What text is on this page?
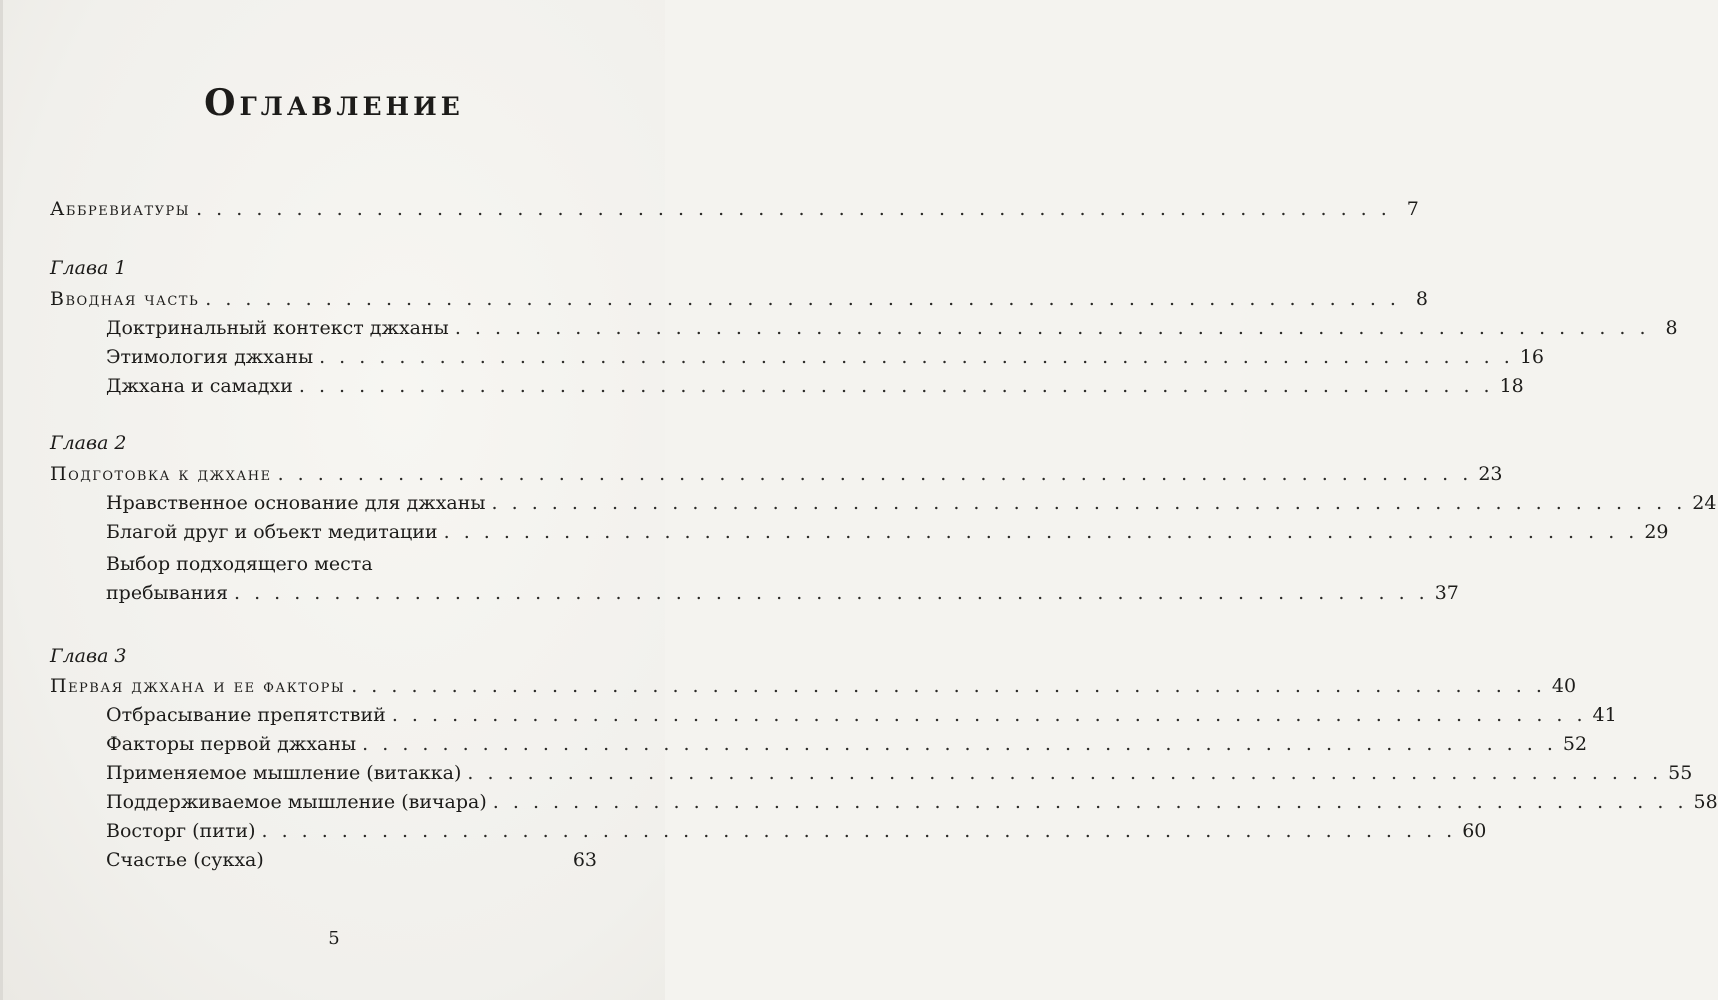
Оглавление
Аббревиатуры . . . . . . . . . . . . . . . . . . . . . . . . . . . . . . . . . . . . . . . . . . . . . . . . . . . . . . . . . . . . 7
Глава 1
Вводная часть . . . . . . . . . . . . . . . . . . . . . . . . . . . . . . . . . . . . . . . . . . . . . . . . . . . . . . . . . . . . 8
Доктринальный контекст джханы . . . . . . . . . . . . . . . . . . . . . . . . . . . . . . . . . . . . . . . . . . . . . . . . . . . . . . . . . . . . 8
Этимология джханы . . . . . . . . . . . . . . . . . . . . . . . . . . . . . . . . . . . . . . . . . . . . . . . . . . . . . . . . . . . . 16
Джхана и самадхи . . . . . . . . . . . . . . . . . . . . . . . . . . . . . . . . . . . . . . . . . . . . . . . . . . . . . . . . . . . . 18
Глава 2
Подготовка к джхане . . . . . . . . . . . . . . . . . . . . . . . . . . . . . . . . . . . . . . . . . . . . . . . . . . . . . . . . . . . . 23
Нравственное основание для джханы . . . . . . . . . . . . . . . . . . . . . . . . . . . . . . . . . . . . . . . . . . . . . . . . . . . . . . . . . . . . 24
Благой друг и объект медитации . . . . . . . . . . . . . . . . . . . . . . . . . . . . . . . . . . . . . . . . . . . . . . . . . . . . . . . . . . . . 29
Выбор подходящего места
пребывания . . . . . . . . . . . . . . . . . . . . . . . . . . . . . . . . . . . . . . . . . . . . . . . . . . . . . . . . . . . . 37
Глава 3
Первая джхана и ее факторы . . . . . . . . . . . . . . . . . . . . . . . . . . . . . . . . . . . . . . . . . . . . . . . . . . . . . . . . . . . . 40
Отбрасывание препятствий . . . . . . . . . . . . . . . . . . . . . . . . . . . . . . . . . . . . . . . . . . . . . . . . . . . . . . . . . . . . 41
Факторы первой джханы . . . . . . . . . . . . . . . . . . . . . . . . . . . . . . . . . . . . . . . . . . . . . . . . . . . . . . . . . . . . 52
Применяемое мышление (витакка) . . . . . . . . . . . . . . . . . . . . . . . . . . . . . . . . . . . . . . . . . . . . . . . . . . . . . . . . . . . . 55
Поддерживаемое мышление (вичара) . . . . . . . . . . . . . . . . . . . . . . . . . . . . . . . . . . . . . . . . . . . . . . . . . . . . . . . . . . . . 58
Восторг (пити) . . . . . . . . . . . . . . . . . . . . . . . . . . . . . . . . . . . . . . . . . . . . . . . . . . . . . . . . . . . . 60
Счастье (сукха)	63
5
